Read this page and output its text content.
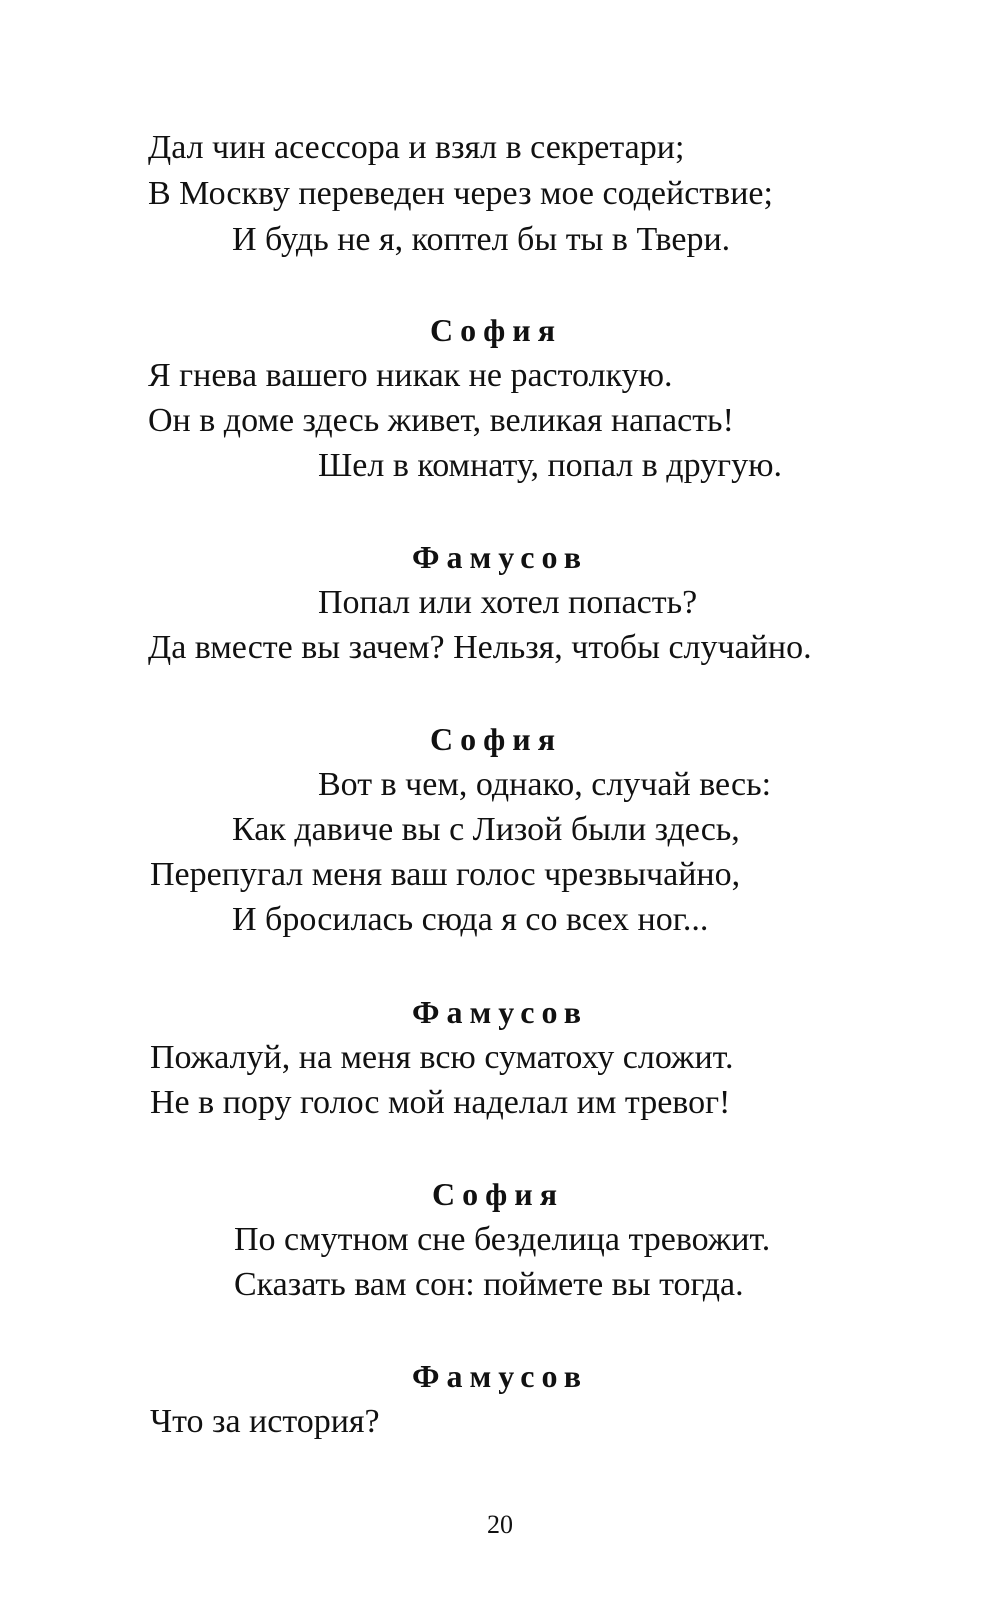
Дал чин асессора и взял в секретари;
В Москву переведен через мое содействие;
И будь не я, коптел бы ты в Твери.
София
Я гнева вашего никак не растолкую.
Он в доме здесь живет, великая напасть!
Шел в комнату, попал в другую.
Фамусов
Попал или хотел попасть?
Да вместе вы зачем? Нельзя, чтобы случайно.
София
Вот в чем, однако, случай весь:
Как давиче вы с Лизой были здесь,
Перепугал меня ваш голос чрезвычайно,
И бросилась сюда я со всех ног...
Фамусов
Пожалуй, на меня всю суматоху сложит.
Не в пору голос мой наделал им тревог!
София
По смутном сне безделица тревожит.
Сказать вам сон: поймете вы тогда.
Фамусов
Что за история?
20
